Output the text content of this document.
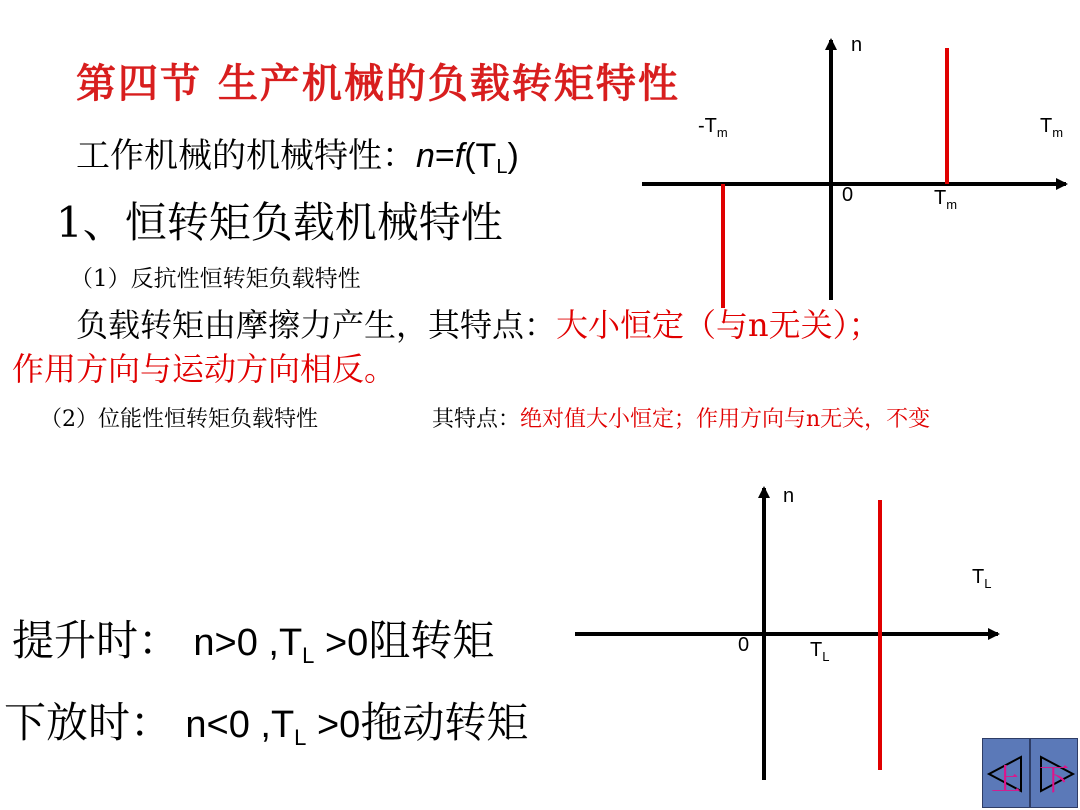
第四节 生产机械的负载转矩特性
工作机械的机械特性：$n=f(T_L)$
1、恒转矩负载机械特性
（1）反抗性恒转矩负载特性
负载转矩由摩擦力产生，其特点：大小恒定（与n无关）；
作用方向与运动方向相反。
（2）位能性恒转矩负载特性	其特点：绝对值大小恒定；作用方向与n无关，不变
提升时： n>0 $,T_L >0$阻转矩
下放时： n<0 $,T_L >0$拖动转矩
n
$-T_m$	$T_m$
0	$T_m$
n
$T_L$
0	$T_L$
上 下
